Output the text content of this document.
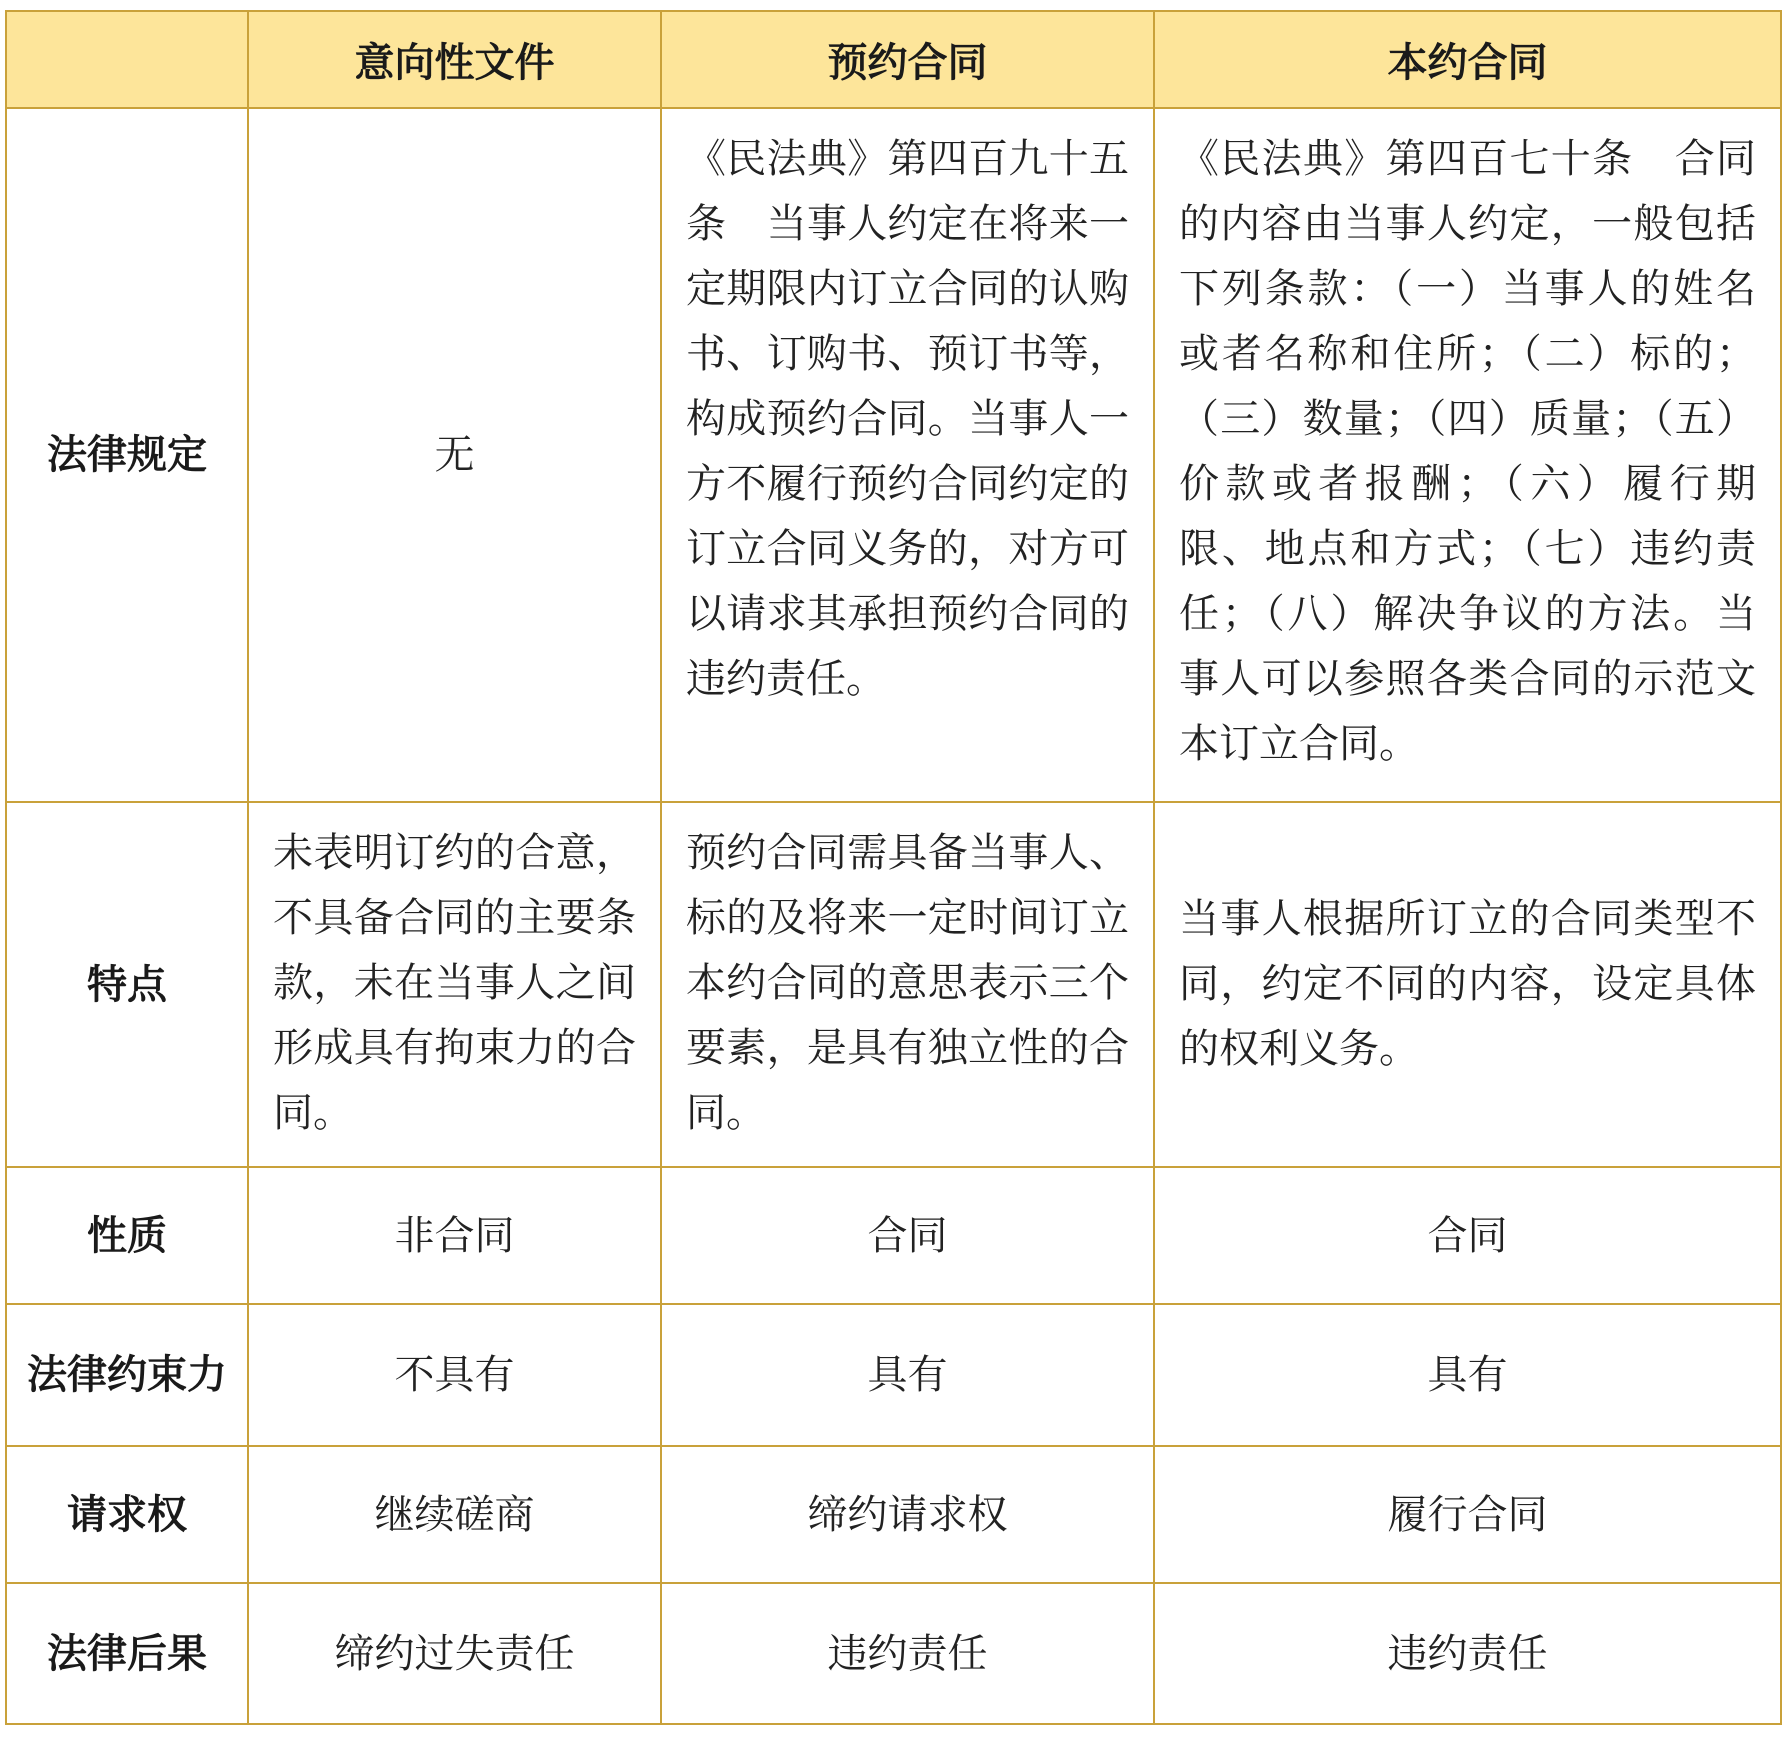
	意向性文件	预约合同	本约合同
法律规定	无	《民法典》第四百九十五条　当事人约定在将来一定期限内订立合同的认购书、订购书、预订书等，构成预约合同。当事人一方不履行预约合同约定的订立合同义务的，对方可以请求其承担预约合同的违约责任。	《民法典》第四百七十条　合同的内容由当事人约定，一般包括下列条款：（一）当事人的姓名或者名称和住所；（二）标的；（三）数量；（四）质量；（五）价款或者报酬；（六）履行期限、地点和方式；（七）违约责任；（八）解决争议的方法。当事人可以参照各类合同的示范文本订立合同。
特点	未表明订约的合意，不具备合同的主要条款，未在当事人之间形成具有拘束力的合同。	预约合同需具备当事人、标的及将来一定时间订立本约合同的意思表示三个要素，是具有独立性的合同。	当事人根据所订立的合同类型不同，约定不同的内容，设定具体的权利义务。
性质	非合同	合同	合同
法律约束力	不具有	具有	具有
请求权	继续磋商	缔约请求权	履行合同
法律后果	缔约过失责任	违约责任	违约责任
